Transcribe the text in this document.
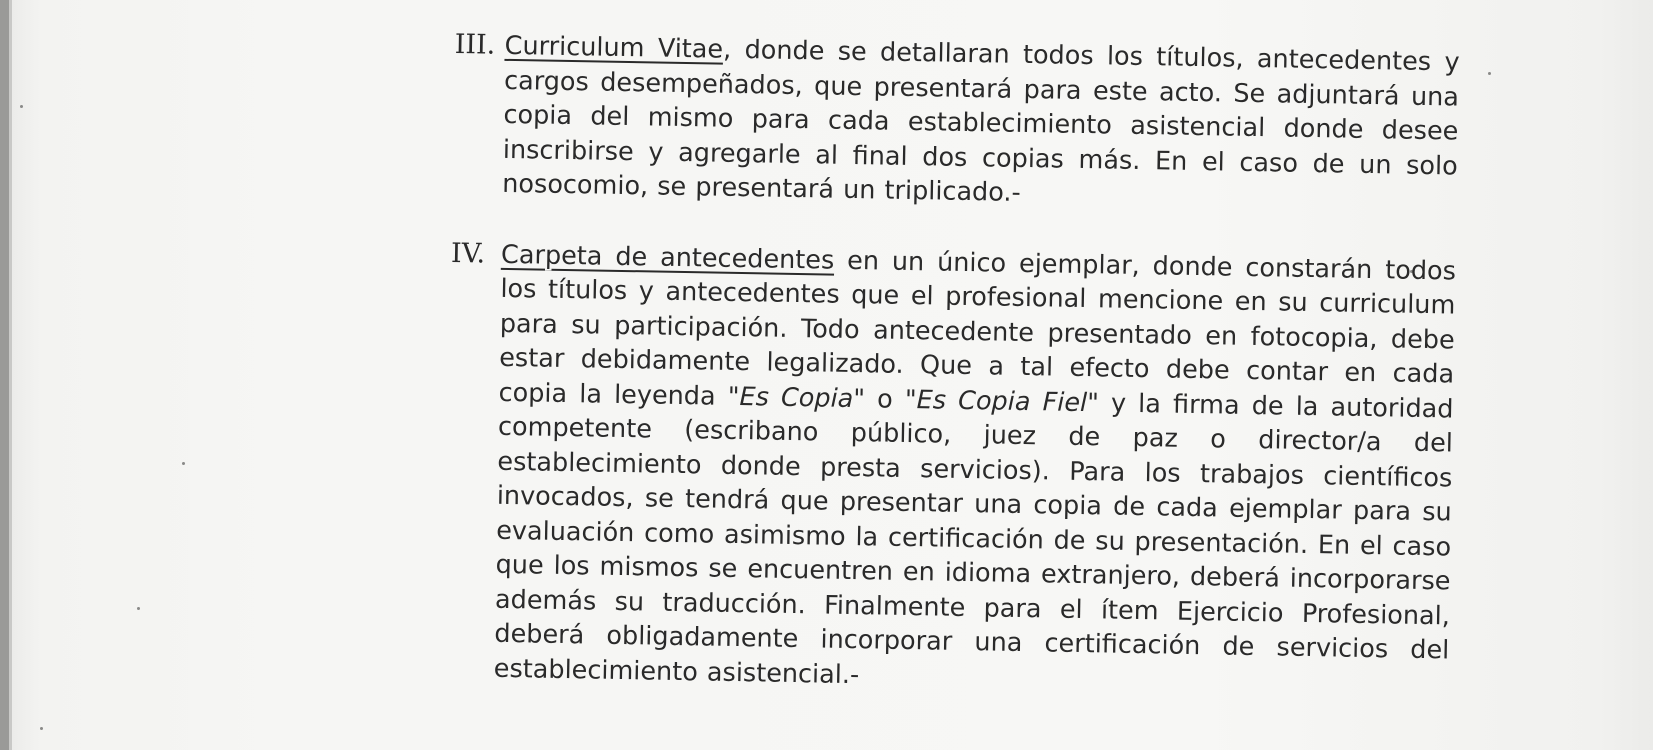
III. Curriculum Vitae, donde se detallaran todos los títulos, antecedentes y cargos desempeñados, que presentará para este acto. Se adjuntará una copia del mismo para cada establecimiento asistencial donde desee inscribirse y agregarle al final dos copias más. En el caso de un solo nosocomio, se presentará un triplicado.-
IV. Carpeta de antecedentes en un único ejemplar, donde constarán todos los títulos y antecedentes que el profesional mencione en su curriculum para su participación. Todo antecedente presentado en fotocopia, debe estar debidamente legalizado. Que a tal efecto debe contar en cada copia la leyenda "Es Copia" o "Es Copia Fiel" y la firma de la autoridad competente (escribano público, juez de paz o director/a del establecimiento donde presta servicios). Para los trabajos científicos invocados, se tendrá que presentar una copia de cada ejemplar para su evaluación como asimismo la certificación de su presentación. En el caso que los mismos se encuentren en idioma extranjero, deberá incorporarse además su traducción. Finalmente para el ítem Ejercicio Profesional, deberá obligadamente incorporar una certificación de servicios del establecimiento asistencial.-
